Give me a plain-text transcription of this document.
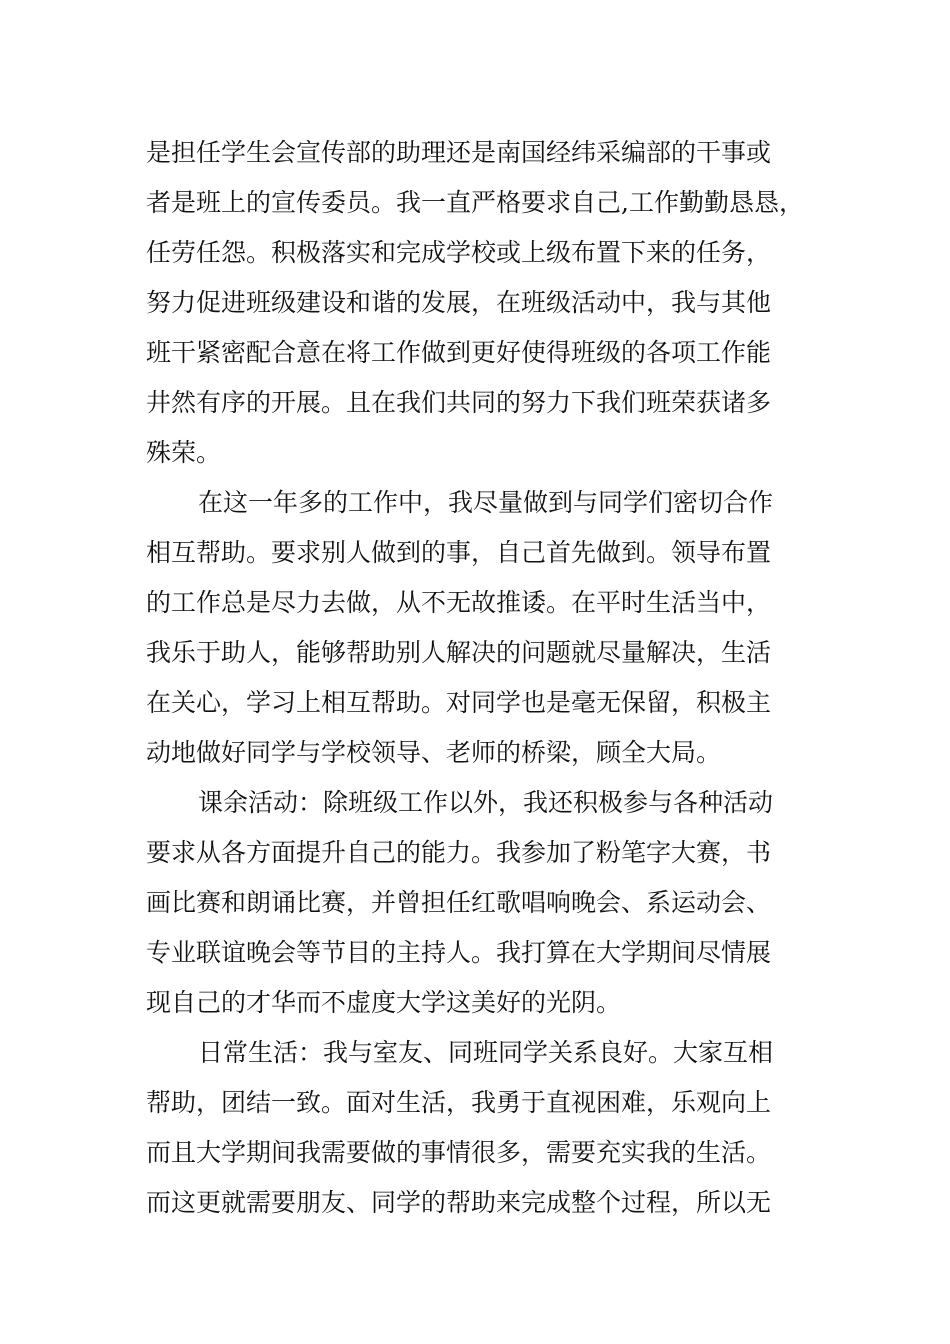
是担任学生会宣传部的助理还是南国经纬采编部的干事或
者是班上的宣传委员。我一直严格要求自己,工作勤勤恳恳，
任劳任怨。积极落实和完成学校或上级布置下来的任务，
努力促进班级建设和谐的发展，在班级活动中，我与其他
班干紧密配合意在将工作做到更好使得班级的各项工作能
井然有序的开展。且在我们共同的努力下我们班荣获诸多
殊荣。
在这一年多的工作中，我尽量做到与同学们密切合作
相互帮助。要求别人做到的事，自己首先做到。领导布置
的工作总是尽力去做，从不无故推诿。在平时生活当中，
我乐于助人，能够帮助别人解决的问题就尽量解决，生活
在关心，学习上相互帮助。对同学也是毫无保留，积极主
动地做好同学与学校领导、老师的桥梁，顾全大局。
课余活动：除班级工作以外，我还积极参与各种活动
要求从各方面提升自己的能力。我参加了粉笔字大赛，书
画比赛和朗诵比赛，并曾担任红歌唱响晚会、系运动会、
专业联谊晚会等节目的主持人。我打算在大学期间尽情展
现自己的才华而不虚度大学这美好的光阴。
日常生活：我与室友、同班同学关系良好。大家互相
帮助，团结一致。面对生活，我勇于直视困难，乐观向上
而且大学期间我需要做的事情很多，需要充实我的生活。
而这更就需要朋友、同学的帮助来完成整个过程，所以无
